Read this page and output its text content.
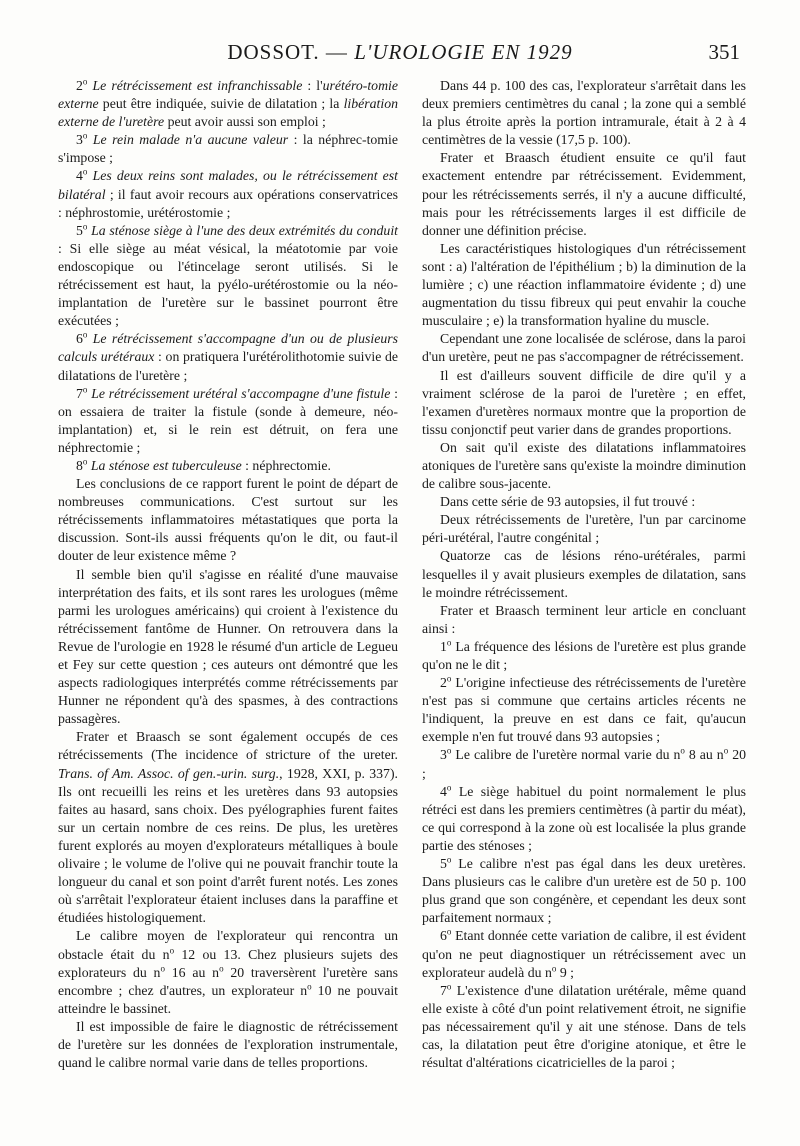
DOSSOT. — L'UROLOGIE EN 1929	351

2$^o$ Le rétrécissement est infranchissable : l'urétéro-tomie externe peut être indiquée, suivie de dilatation ; la libération externe de l'uretère peut avoir aussi son emploi ;

3$^o$ Le rein malade n'a aucune valeur : la néphrec-tomie s'impose ;

4$^o$ Les deux reins sont malades, ou le rétrécissement est bilatéral ; il faut avoir recours aux opérations conservatrices : néphrostomie, urétérostomie ;

5$^o$ La sténose siège à l'une des deux extrémités du conduit : Si elle siège au méat vésical, la méatotomie par voie endoscopique ou l'étincelage seront utilisés. Si le rétrécissement est haut, la pyélo-urétérostomie ou la néo-implantation de l'uretère sur le bassinet pourront être exécutées ;

6$^o$ Le rétrécissement s'accompagne d'un ou de plusieurs calculs urétéraux : on pratiquera l'urétérolithotomie suivie de dilatations de l'uretère ;

7$^o$ Le rétrécissement urétéral s'accompagne d'une fistule : on essaiera de traiter la fistule (sonde à demeure, néo-implantation) et, si le rein est détruit, on fera une néphrectomie ;

8$^o$ La sténose est tuberculeuse : néphrectomie.

Les conclusions de ce rapport furent le point de départ de nombreuses communications. C'est surtout sur les rétrécissements inflammatoires métastatiques que porta la discussion. Sont-ils aussi fréquents qu'on le dit, ou faut-il douter de leur existence même ?

Il semble bien qu'il s'agisse en réalité d'une mauvaise interprétation des faits, et ils sont rares les urologues (même parmi les urologues américains) qui croient à l'existence du rétrécissement fantôme de Hunner. On retrouvera dans la Revue de l'urologie en 1928 le résumé d'un article de Legueu et Fey sur cette question ; ces auteurs ont démontré que les aspects radiologiques interprétés comme rétrécissements par Hunner ne répondent qu'à des spasmes, à des contractions passagères.

Frater et Braasch se sont également occupés de ces rétrécissements (The incidence of stricture of the ureter. Trans. of Am. Assoc. of gen.-urin. surg., 1928, XXI, p. 337). Ils ont recueilli les reins et les uretères dans 93 autopsies faites au hasard, sans choix. Des pyélographies furent faites sur un certain nombre de ces reins. De plus, les uretères furent explorés au moyen d'explorateurs métalliques à boule olivaire ; le volume de l'olive qui ne pouvait franchir toute la longueur du canal et son point d'arrêt furent notés. Les zones où s'arrêtait l'explorateur étaient incluses dans la paraffine et étudiées histologiquement.

Le calibre moyen de l'explorateur qui rencontra un obstacle était du $n^o$ 12 ou 13. Chez plusieurs sujets des explorateurs du $n^o$ 16 au $n^o$ 20 traversèrent l'uretère sans encombre ; chez d'autres, un explorateur $n^o$ 10 ne pouvait atteindre le bassinet.

Il est impossible de faire le diagnostic de rétrécissement de l'uretère sur les données de l'exploration instrumentale, quand le calibre normal varie dans de telles proportions.

Dans 44 p. 100 des cas, l'explorateur s'arrêtait dans les deux premiers centimètres du canal ; la zone qui a semblé la plus étroite après la portion intramurale, était à 2 à 4 centimètres de la vessie (17,5 p. 100).

Frater et Braasch étudient ensuite ce qu'il faut exactement entendre par rétrécissement. Evidemment, pour les rétrécissements serrés, il n'y a aucune difficulté, mais pour les rétrécissements larges il est difficile de donner une définition précise.

Les caractéristiques histologiques d'un rétrécissement sont : a) l'altération de l'épithélium ; b) la diminution de la lumière ; c) une réaction inflammatoire évidente ; d) une augmentation du tissu fibreux qui peut envahir la couche musculaire ; e) la transformation hyaline du muscle.

Cependant une zone localisée de sclérose, dans la paroi d'un uretère, peut ne pas s'accompagner de rétrécissement.

Il est d'ailleurs souvent difficile de dire qu'il y a vraiment sclérose de la paroi de l'uretère ; en effet, l'examen d'uretères normaux montre que la proportion de tissu conjonctif peut varier dans de grandes proportions.

On sait qu'il existe des dilatations inflammatoires atoniques de l'uretère sans qu'existe la moindre diminution de calibre sous-jacente.

Dans cette série de 93 autopsies, il fut trouvé :

Deux rétrécissements de l'uretère, l'un par carcinome péri-urétéral, l'autre congénital ;

Quatorze cas de lésions réno-urétérales, parmi lesquelles il y avait plusieurs exemples de dilatation, sans le moindre rétrécissement.

Frater et Braasch terminent leur article en concluant ainsi :

1$^o$ La fréquence des lésions de l'uretère est plus grande qu'on ne le dit ;

2$^o$ L'origine infectieuse des rétrécissements de l'uretère n'est pas si commune que certains articles récents ne l'indiquent, la preuve en est dans ce fait, qu'aucun exemple n'en fut trouvé dans 93 autopsies ;

3$^o$ Le calibre de l'uretère normal varie du $n^o$ 8 au $n^o$ 20 ;

4$^o$ Le siège habituel du point normalement le plus rétréci est dans les premiers centimètres (à partir du méat), ce qui correspond à la zone où est localisée la plus grande partie des sténoses ;

5$^o$ Le calibre n'est pas égal dans les deux uretères. Dans plusieurs cas le calibre d'un uretère est de 50 p. 100 plus grand que son congénère, et cependant les deux sont parfaitement normaux ;

6$^o$ Etant donnée cette variation de calibre, il est évident qu'on ne peut diagnostiquer un rétrécissement avec un explorateur audelà du $n^o$ 9 ;

7$^o$ L'existence d'une dilatation urétérale, même quand elle existe à côté d'un point relativement étroit, ne signifie pas nécessairement qu'il y ait une sténose. Dans de tels cas, la dilatation peut être d'origine atonique, et être le résultat d'altérations cicatricielles de la paroi ;
